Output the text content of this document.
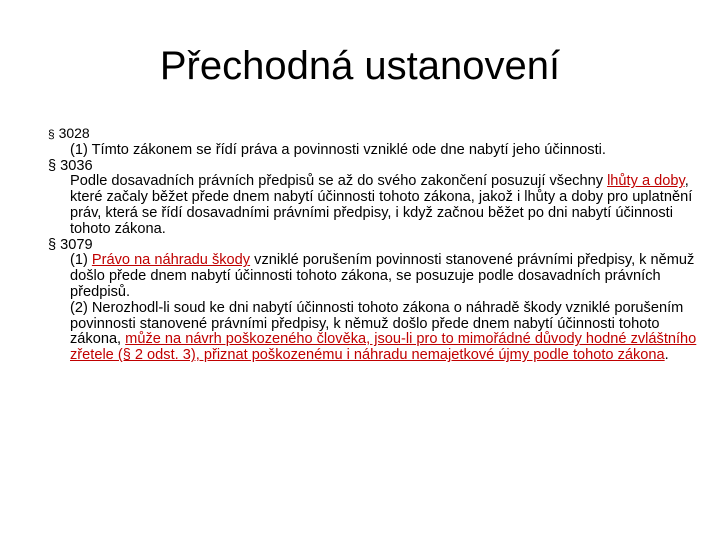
Přechodná ustanovení

§ 3028

(1) Tímto zákonem se řídí práva a povinnosti vzniklé ode dne nabytí jeho účinnosti.

§ 3036

Podle dosavadních právních předpisů se až do svého zakončení posuzují všechny lhůty a doby, které začaly běžet přede dnem nabytí účinnosti tohoto zákona, jakož i lhůty a doby pro uplatnění práv, která se řídí dosavadními právními předpisy, i když začnou běžet po dni nabytí účinnosti tohoto zákona.

§ 3079

(1) Právo na náhradu škody vzniklé porušením povinnosti stanovené právními předpisy, k němuž došlo přede dnem nabytí účinnosti tohoto zákona, se posuzuje podle dosavadních právních předpisů.

(2) Nerozhodl-li soud ke dni nabytí účinnosti tohoto zákona o náhradě škody vzniklé porušením povinnosti stanovené právními předpisy, k němuž došlo přede dnem nabytí účinnosti tohoto zákona, může na návrh poškozeného člověka, jsou-li pro to mimořádné důvody hodné zvláštního zřetele (§ 2 odst. 3), přiznat poškozenému i náhradu nemajetkové újmy podle tohoto zákona.
